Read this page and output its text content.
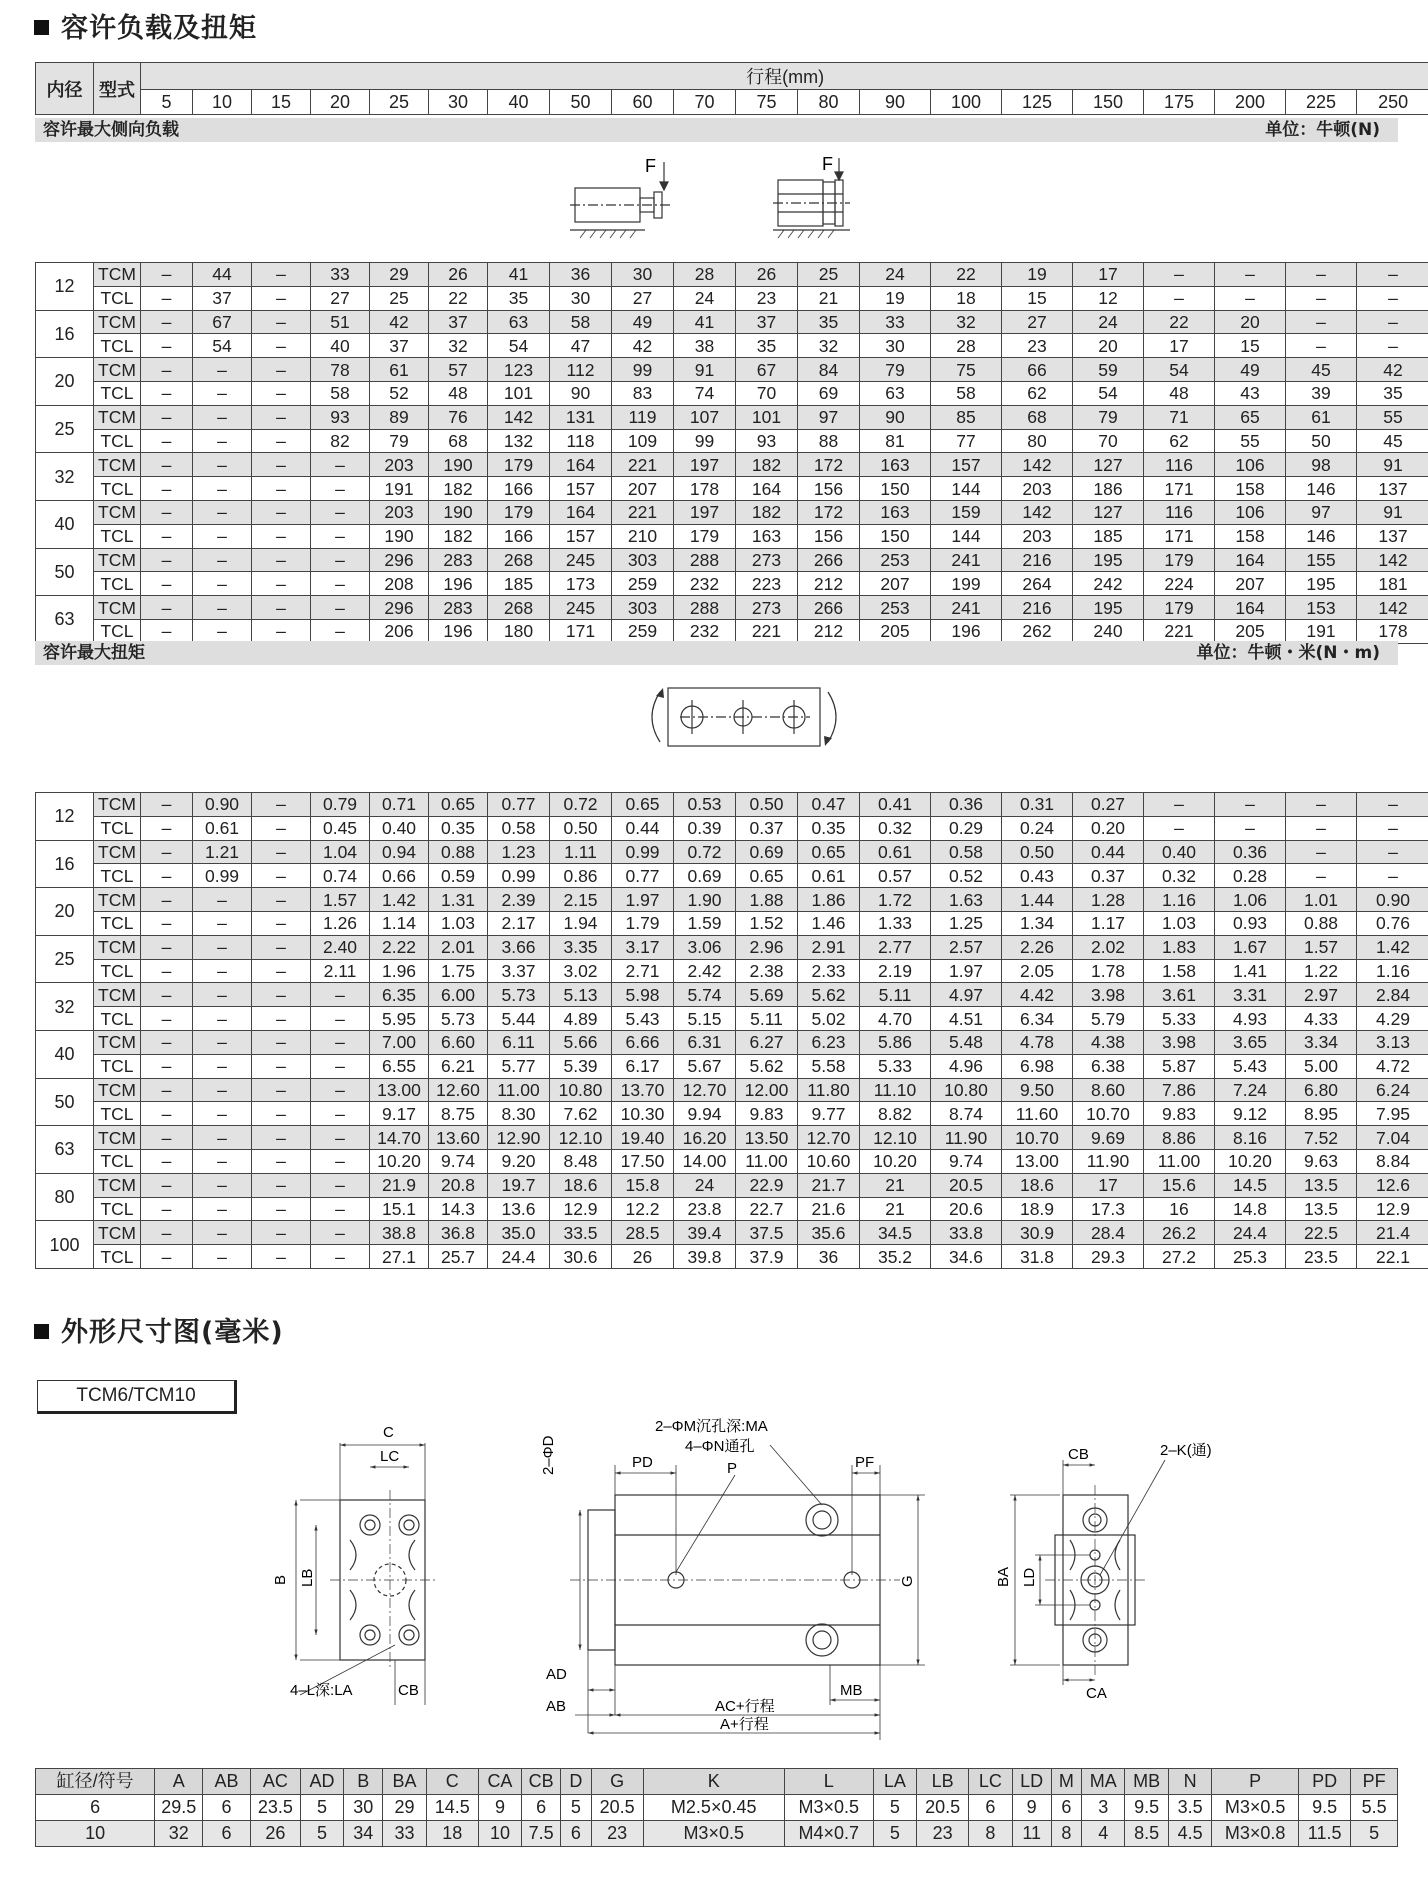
容许负载及扭矩
内径	型式	行程(mm)																			
		5	10	15	20	25	30	40	50	60	70	75	80	90	100	125	150	175	200	225	250
容许最大侧向负载	单位：牛顿(N)
F	F
12	TCM	–	44	–	33	29	26	41	36	30	28	26	25	24	22	19	17	–	–	–	–
	TCL	–	37	–	27	25	22	35	30	27	24	23	21	19	18	15	12	–	–	–	–
16	TCM	–	67	–	51	42	37	63	58	49	41	37	35	33	32	27	24	22	20	–	–
	TCL	–	54	–	40	37	32	54	47	42	38	35	32	30	28	23	20	17	15	–	–
20	TCM	–	–	–	78	61	57	123	112	99	91	67	84	79	75	66	59	54	49	45	42
	TCL	–	–	–	58	52	48	101	90	83	74	70	69	63	58	62	54	48	43	39	35
25	TCM	–	–	–	93	89	76	142	131	119	107	101	97	90	85	68	79	71	65	61	55
	TCL	–	–	–	82	79	68	132	118	109	99	93	88	81	77	80	70	62	55	50	45
32	TCM	–	–	–	–	203	190	179	164	221	197	182	172	163	157	142	127	116	106	98	91
	TCL	–	–	–	–	191	182	166	157	207	178	164	156	150	144	203	186	171	158	146	137
40	TCM	–	–	–	–	203	190	179	164	221	197	182	172	163	159	142	127	116	106	97	91
	TCL	–	–	–	–	190	182	166	157	210	179	163	156	150	144	203	185	171	158	146	137
50	TCM	–	–	–	–	296	283	268	245	303	288	273	266	253	241	216	195	179	164	155	142
	TCL	–	–	–	–	208	196	185	173	259	232	223	212	207	199	264	242	224	207	195	181
63	TCM	–	–	–	–	296	283	268	245	303	288	273	266	253	241	216	195	179	164	153	142
	TCL	–	–	–	–	206	196	180	171	259	232	221	212	205	196	262	240	221	205	191	178
容许最大扭矩	单位：牛顿・米(N・m)
12	TCM	–	0.90	–	0.79	0.71	0.65	0.77	0.72	0.65	0.53	0.50	0.47	0.41	0.36	0.31	0.27	–	–	–	–
	TCL	–	0.61	–	0.45	0.40	0.35	0.58	0.50	0.44	0.39	0.37	0.35	0.32	0.29	0.24	0.20	–	–	–	–
16	TCM	–	1.21	–	1.04	0.94	0.88	1.23	1.11	0.99	0.72	0.69	0.65	0.61	0.58	0.50	0.44	0.40	0.36	–	–
	TCL	–	0.99	–	0.74	0.66	0.59	0.99	0.86	0.77	0.69	0.65	0.61	0.57	0.52	0.43	0.37	0.32	0.28	–	–
20	TCM	–	–	–	1.57	1.42	1.31	2.39	2.15	1.97	1.90	1.88	1.86	1.72	1.63	1.44	1.28	1.16	1.06	1.01	0.90
	TCL	–	–	–	1.26	1.14	1.03	2.17	1.94	1.79	1.59	1.52	1.46	1.33	1.25	1.34	1.17	1.03	0.93	0.88	0.76
25	TCM	–	–	–	2.40	2.22	2.01	3.66	3.35	3.17	3.06	2.96	2.91	2.77	2.57	2.26	2.02	1.83	1.67	1.57	1.42
	TCL	–	–	–	2.11	1.96	1.75	3.37	3.02	2.71	2.42	2.38	2.33	2.19	1.97	2.05	1.78	1.58	1.41	1.22	1.16
32	TCM	–	–	–	–	6.35	6.00	5.73	5.13	5.98	5.74	5.69	5.62	5.11	4.97	4.42	3.98	3.61	3.31	2.97	2.84
	TCL	–	–	–	–	5.95	5.73	5.44	4.89	5.43	5.15	5.11	5.02	4.70	4.51	6.34	5.79	5.33	4.93	4.33	4.29
40	TCM	–	–	–	–	7.00	6.60	6.11	5.66	6.66	6.31	6.27	6.23	5.86	5.48	4.78	4.38	3.98	3.65	3.34	3.13
	TCL	–	–	–	–	6.55	6.21	5.77	5.39	6.17	5.67	5.62	5.58	5.33	4.96	6.98	6.38	5.87	5.43	5.00	4.72
50	TCM	–	–	–	–	13.00	12.60	11.00	10.80	13.70	12.70	12.00	11.80	11.10	10.80	9.50	8.60	7.86	7.24	6.80	6.24
	TCL	–	–	–	–	9.17	8.75	8.30	7.62	10.30	9.94	9.83	9.77	8.82	8.74	11.60	10.70	9.83	9.12	8.95	7.95
63	TCM	–	–	–	–	14.70	13.60	12.90	12.10	19.40	16.20	13.50	12.70	12.10	11.90	10.70	9.69	8.86	8.16	7.52	7.04
	TCL	–	–	–	–	10.20	9.74	9.20	8.48	17.50	14.00	11.00	10.60	10.20	9.74	13.00	11.90	11.00	10.20	9.63	8.84
80	TCM	–	–	–	–	21.9	20.8	19.7	18.6	15.8	24	22.9	21.7	21	20.5	18.6	17	15.6	14.5	13.5	12.6
	TCL	–	–	–	–	15.1	14.3	13.6	12.9	12.2	23.8	22.7	21.6	21	20.6	18.9	17.3	16	14.8	13.5	12.9
100	TCM	–	–	–	–	38.8	36.8	35.0	33.5	28.5	39.4	37.5	35.6	34.5	33.8	30.9	28.4	26.2	24.4	22.5	21.4
	TCL	–	–	–	–	27.1	25.7	24.4	30.6	26	39.8	37.9	36	35.2	34.6	31.8	29.3	27.2	25.3	23.5	22.1
外形尺寸图(毫米)
TCM6/TCM10
C
LC
B LB
4–L深:LA	CB
2–ΦM沉孔深:MA
4–ΦN通孔
PD	P	PF
2–ΦD
G
AD
AB
MB
AC+行程
A+行程
CB	2–K(通)
BA LD
CA
缸径/符号	A	AB	AC	AD	B	BA	C	CA	CB	D	G	K	L	LA	LB	LC	LD	M	MA	MB	N	P	PD	PF
6	29.5	6	23.5	5	30	29	14.5	9	6	5	20.5	M2.5×0.45	M3×0.5	5	20.5	6	9	6	3	9.5	3.5	M3×0.5	9.5	5.5
10	32	6	26	5	34	33	18	10	7.5	6	23	M3×0.5	M4×0.7	5	23	8	11	8	4	8.5	4.5	M3×0.8	11.5	5
